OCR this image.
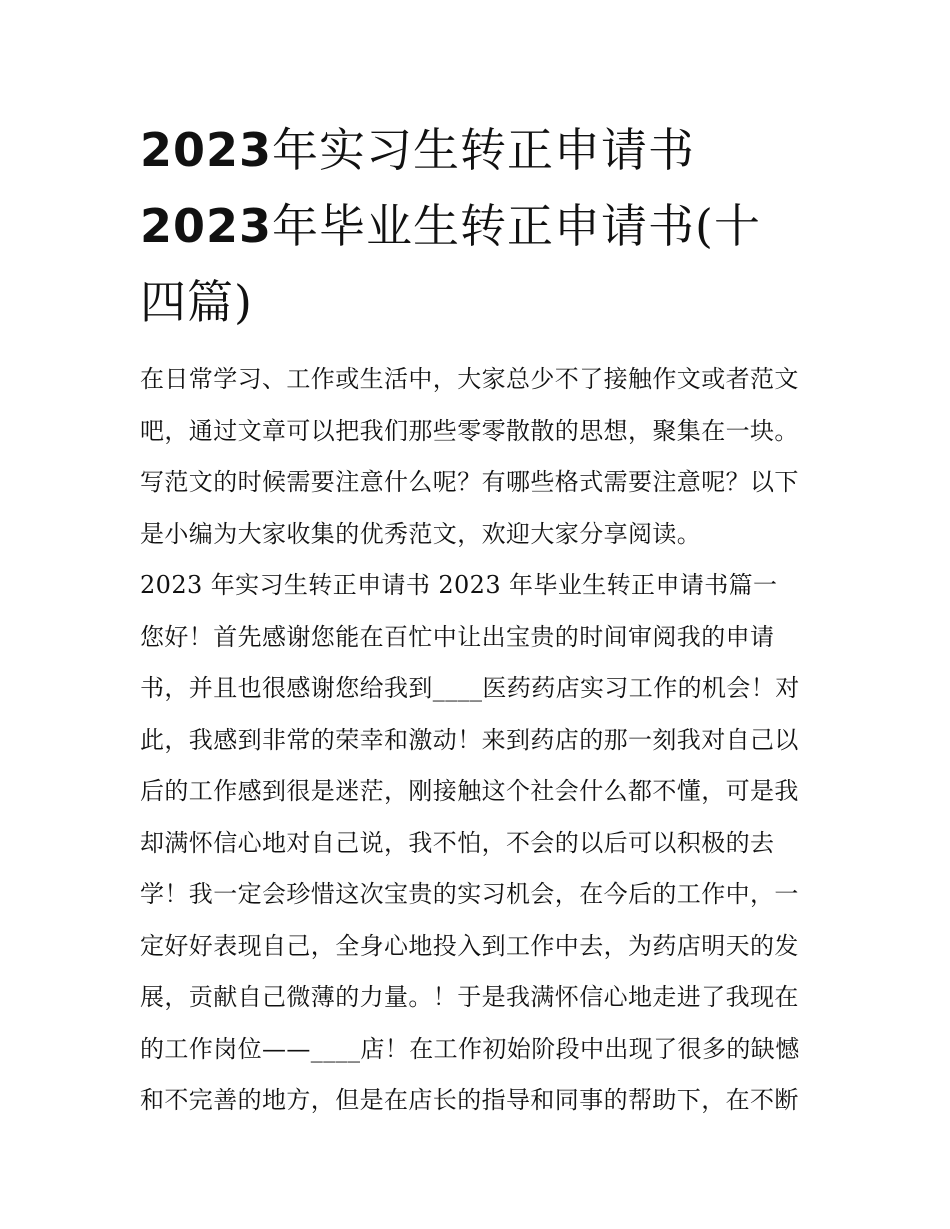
2023年实习生转正申请书
2023年毕业生转正申请书(十
四篇)
在日常学习、工作或生活中，大家总少不了接触作文或者范文
吧，通过文章可以把我们那些零零散散的思想，聚集在一块。
写范文的时候需要注意什么呢？有哪些格式需要注意呢？以下
是小编为大家收集的优秀范文，欢迎大家分享阅读。
2023 年实习生转正申请书 2023 年毕业生转正申请书篇一
您好！首先感谢您能在百忙中让出宝贵的时间审阅我的申请
书，并且也很感谢您给我到____医药药店实习工作的机会！对
此，我感到非常的荣幸和激动！来到药店的那一刻我对自己以
后的工作感到很是迷茫，刚接触这个社会什么都不懂，可是我
却满怀信心地对自己说，我不怕，不会的以后可以积极的去
学！我一定会珍惜这次宝贵的实习机会，在今后的工作中，一
定好好表现自己，全身心地投入到工作中去，为药店明天的发
展，贡献自己微薄的力量。！于是我满怀信心地走进了我现在
的工作岗位——____店！在工作初始阶段中出现了很多的缺憾
和不完善的地方，但是在店长的指导和同事的帮助下，在不断
